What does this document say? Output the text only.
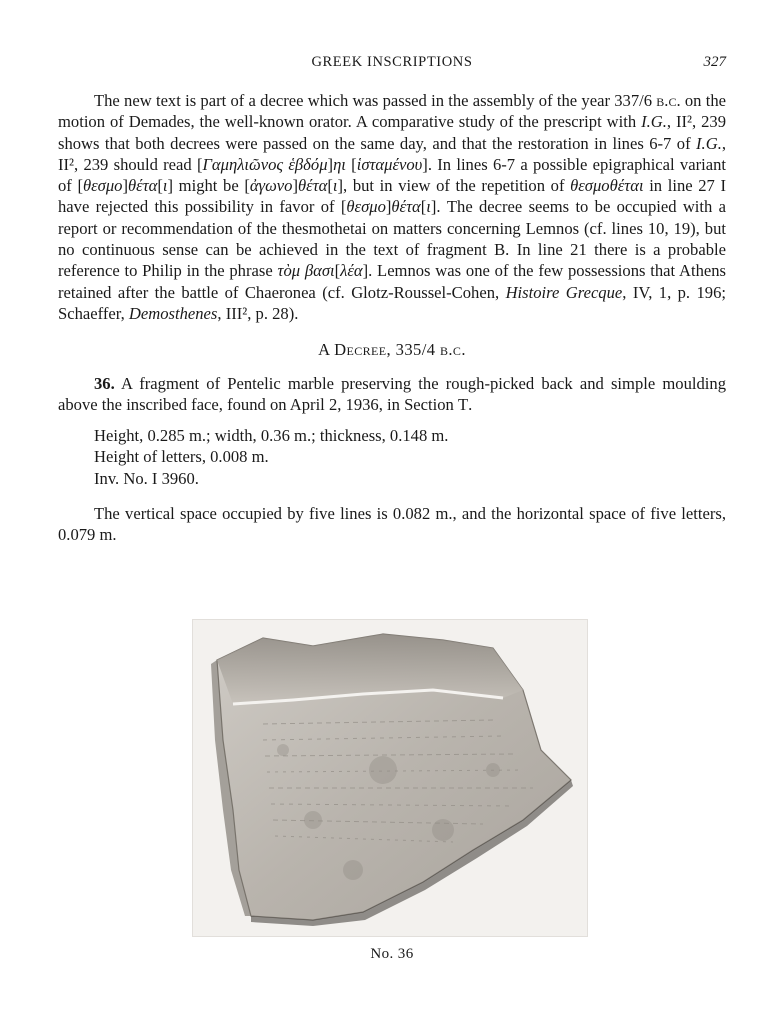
GREEK INSCRIPTIONS	327

The new text is part of a decree which was passed in the assembly of the year 337/6 b.c. on the motion of Demades, the well-known orator. A comparative study of the prescript with I.G., II², 239 shows that both decrees were passed on the same day, and that the restoration in lines 6-7 of I.G., II², 239 should read [Γαμηλιῶνος ἑβδόμ]ηι [ἱσταμένου]. In lines 6-7 a possible epigraphical variant of [θεσμο]θέτα[ι] might be [ἀγωνο]θέτα[ι], but in view of the repetition of θεσμοθέται in line 27 I have rejected this possibility in favor of [θεσμο]θέτα[ι]. The decree seems to be occupied with a report or recommendation of the thesmothetai on matters concerning Lemnos (cf. lines 10, 19), but no continuous sense can be achieved in the text of fragment B. In line 21 there is a probable reference to Philip in the phrase τὸμ βασι[λέα]. Lemnos was one of the few possessions that Athens retained after the battle of Chaeronea (cf. Glotz-Roussel-Cohen, Histoire Grecque, IV, 1, p. 196; Schaeffer, Demosthenes, III², p. 28).

A Decree, 335/4 b.c.

36. A fragment of Pentelic marble preserving the rough-picked back and simple moulding above the inscribed face, found on April 2, 1936, in Section T.

Height, 0.285 m.; width, 0.36 m.; thickness, 0.148 m.
Height of letters, 0.008 m.
Inv. No. I 3960.

The vertical space occupied by five lines is 0.082 m., and the horizontal space of five letters, 0.079 m.

No. 36
